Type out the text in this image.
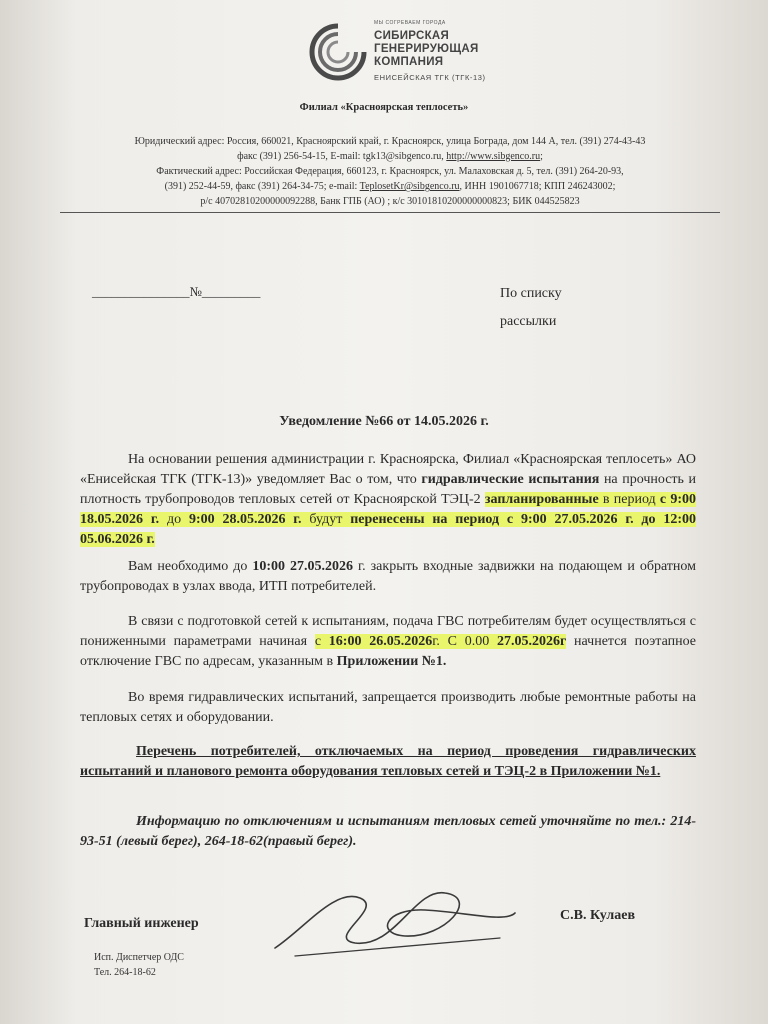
МЫ СОГРЕВАЕМ ГОРОДА
СИБИРСКАЯ
ГЕНЕРИРУЮЩАЯ
КОМПАНИЯ
ЕНИСЕЙСКАЯ ТГК (ТГК-13)
Филиал «Красноярская теплосеть»
Юридический адрес: Россия, 660021, Красноярский край, г. Красноярск, улица Бограда, дом 144 А, тел. (391) 274-43-43
факс (391) 256-54-15, E-mail: tgk13@sibgenco.ru, http://www.sibgenco.ru;
Фактический адрес: Российская Федерация, 660123, г. Красноярск, ул. Малаховская д. 5, тел. (391) 264-20-93,
(391) 252-44-59, факс (391) 264-34-75; e-mail: TeplosetKr@sibgenco.ru, ИНН 1901067718; КПП 246243002;
р/с 40702810200000092288, Банк ГПБ (АО) ; к/с 30101810200000000823; БИК 044525823
_______________№_________	По списку
рассылки
Уведомление №66 от 14.05.2026 г.
На основании решения администрации г. Красноярска, Филиал «Красноярская теплосеть» АО «Енисейская ТГК (ТГК-13)» уведомляет Вас о том, что гидравлические испытания на прочность и плотность трубопроводов тепловых сетей от Красноярской ТЭЦ-2 запланированные в период с 9:00 18.05.2026 г. до 9:00 28.05.2026 г. будут перенесены на период с 9:00 27.05.2026 г. до 12:00 05.06.2026 г.
Вам необходимо до 10:00 27.05.2026 г. закрыть входные задвижки на подающем и обратном трубопроводах в узлах ввода, ИТП потребителей.
В связи с подготовкой сетей к испытаниям, подача ГВС потребителям будет осуществляться с пониженными параметрами начиная с 16:00 26.05.2026г. С 0.00 27.05.2026г начнется поэтапное отключение ГВС по адресам, указанным в Приложении №1.
Во время гидравлических испытаний, запрещается производить любые ремонтные работы на тепловых сетях и оборудовании.
Перечень потребителей, отключаемых на период проведения гидравлических испытаний и планового ремонта оборудования тепловых сетей и ТЭЦ-2 в Приложении №1.
Информацию по отключениям и испытаниям тепловых сетей уточняйте по тел.: 214-93-51 (левый берег), 264-18-62(правый берег).
Главный инженер
С.В. Кулаев
Исп. Диспетчер ОДС
Тел. 264-18-62
